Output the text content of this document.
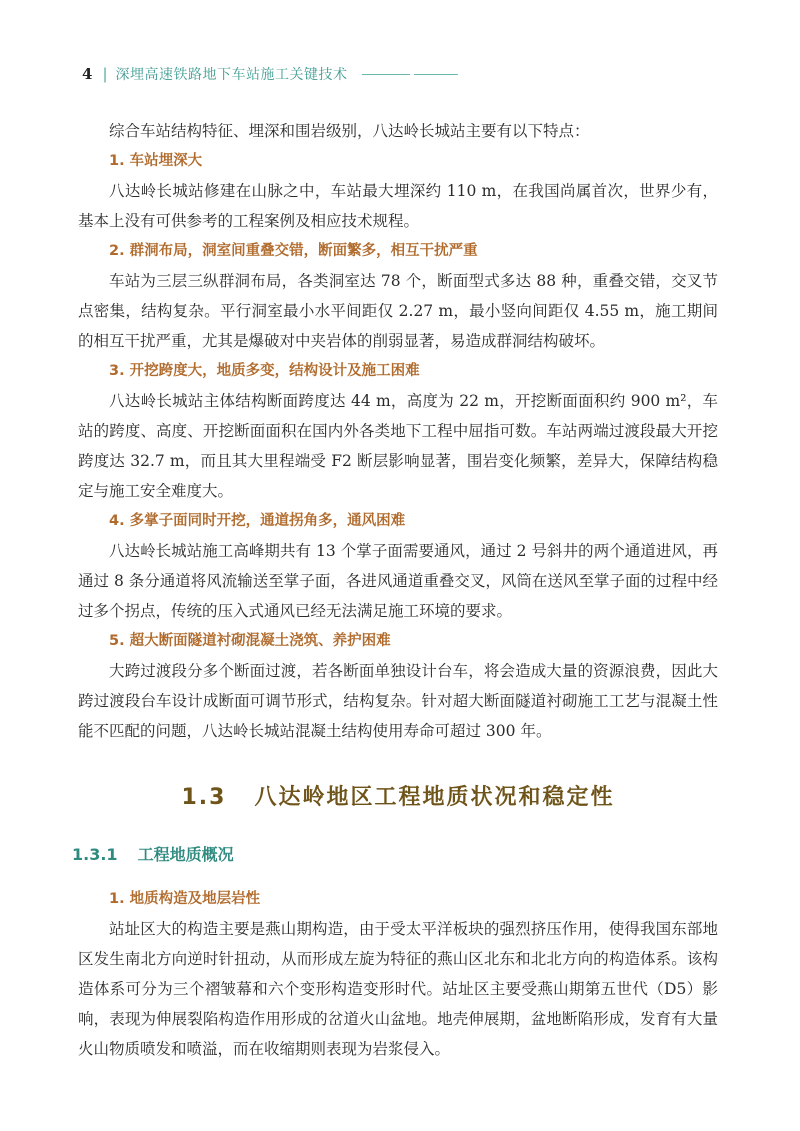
4 | 深埋高速铁路地下车站施工关键技术

综合车站结构特征、埋深和围岩级别，八达岭长城站主要有以下特点：

1. 车站埋深大

八达岭长城站修建在山脉之中，车站最大埋深约 110 m，在我国尚属首次，世界少有，基本上没有可供参考的工程案例及相应技术规程。

2. 群洞布局，洞室间重叠交错，断面繁多，相互干扰严重

车站为三层三纵群洞布局，各类洞室达 78 个，断面型式多达 88 种，重叠交错，交叉节点密集，结构复杂。平行洞室最小水平间距仅 2.27 m，最小竖向间距仅 4.55 m，施工期间的相互干扰严重，尤其是爆破对中夹岩体的削弱显著，易造成群洞结构破坏。

3. 开挖跨度大，地质多变，结构设计及施工困难

八达岭长城站主体结构断面跨度达 44 m，高度为 22 m，开挖断面面积约 900 m²，车站的跨度、高度、开挖断面面积在国内外各类地下工程中屈指可数。车站两端过渡段最大开挖跨度达 32.7 m，而且其大里程端受 F2 断层影响显著，围岩变化频繁，差异大，保障结构稳定与施工安全难度大。

4. 多掌子面同时开挖，通道拐角多，通风困难

八达岭长城站施工高峰期共有 13 个掌子面需要通风，通过 2 号斜井的两个通道进风，再通过 8 条分通道将风流输送至掌子面，各进风通道重叠交叉，风筒在送风至掌子面的过程中经过多个拐点，传统的压入式通风已经无法满足施工环境的要求。

5. 超大断面隧道衬砌混凝土浇筑、养护困难

大跨过渡段分多个断面过渡，若各断面单独设计台车，将会造成大量的资源浪费，因此大跨过渡段台车设计成断面可调节形式，结构复杂。针对超大断面隧道衬砌施工工艺与混凝土性能不匹配的问题，八达岭长城站混凝土结构使用寿命可超过 300 年。

1.3 八达岭地区工程地质状况和稳定性
1.3.1 工程地质概况

1. 地质构造及地层岩性

站址区大的构造主要是燕山期构造，由于受太平洋板块的强烈挤压作用，使得我国东部地区发生南北方向逆时针扭动，从而形成左旋为特征的燕山区北东和北北方向的构造体系。该构造体系可分为三个褶皱幕和六个变形构造变形时代。站址区主要受燕山期第五世代（D5）影响，表现为伸展裂陷构造作用形成的岔道火山盆地。地壳伸展期，盆地断陷形成，发育有大量火山物质喷发和喷溢，而在收缩期则表现为岩浆侵入。
